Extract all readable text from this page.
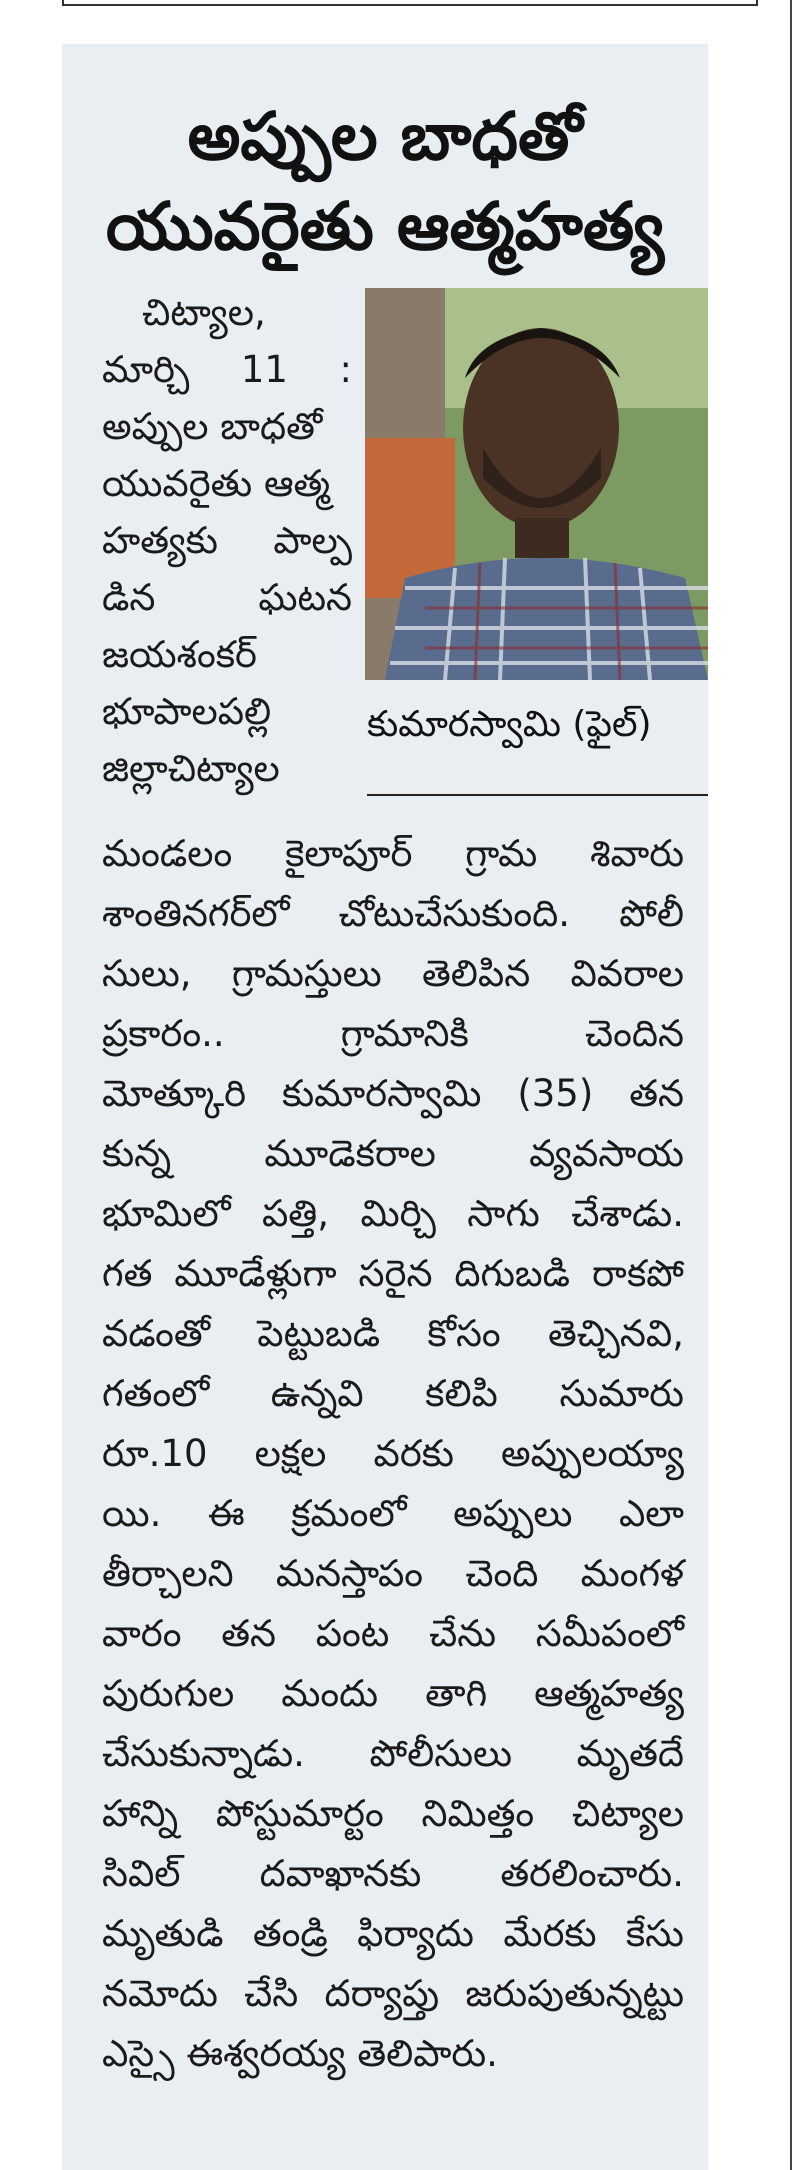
అప్పుల బాధతో
యువరైతు ఆత్మహత్య
కుమారస్వామి (ఫైల్)
చిట్యాల,
మార్చి 11 :
అప్పుల బాధతో
యువరైతు ఆత్మ
హత్యకు పాల్ప
డిన	ఘటన
జయశంకర్
భూపాలపల్లి
జిల్లాచిట్యాల
మండలం కైలాపూర్ గ్రామ శివారు
శాంతినగర్‌లో చోటుచేసుకుంది. పోలీ
సులు, గ్రామస్తులు తెలిపిన వివరాల
ప్రకారం..	గ్రామానికి	చెందిన
మోత్కూరి కుమారస్వామి (35) తన
కున్న	మూడెకరాల	వ్యవసాయ
భూమిలో పత్తి, మిర్చి సాగు చేశాడు.
గత మూడేళ్లుగా సరైన దిగుబడి రాకపో
వడంతో పెట్టుబడి కోసం తెచ్చినవి,
గతంలో ఉన్నవి కలిపి సుమారు
రూ.10 లక్షల వరకు అప్పులయ్యా
యి. ఈ క్రమంలో అప్పులు ఎలా
తీర్చాలని మనస్తాపం చెంది మంగళ
వారం తన పంట చేను సమీపంలో
పురుగుల మందు తాగి ఆత్మహత్య
చేసుకున్నాడు. పోలీసులు మృతదే
హాన్ని పోస్టుమార్టం నిమిత్తం చిట్యాల
సివిల్ దవాఖానకు తరలించారు.
మృతుడి తండ్రి ఫిర్యాదు మేరకు కేసు
నమోదు చేసి దర్యాప్తు జరుపుతున్నట్టు
ఎస్సై ఈశ్వరయ్య తెలిపారు.
